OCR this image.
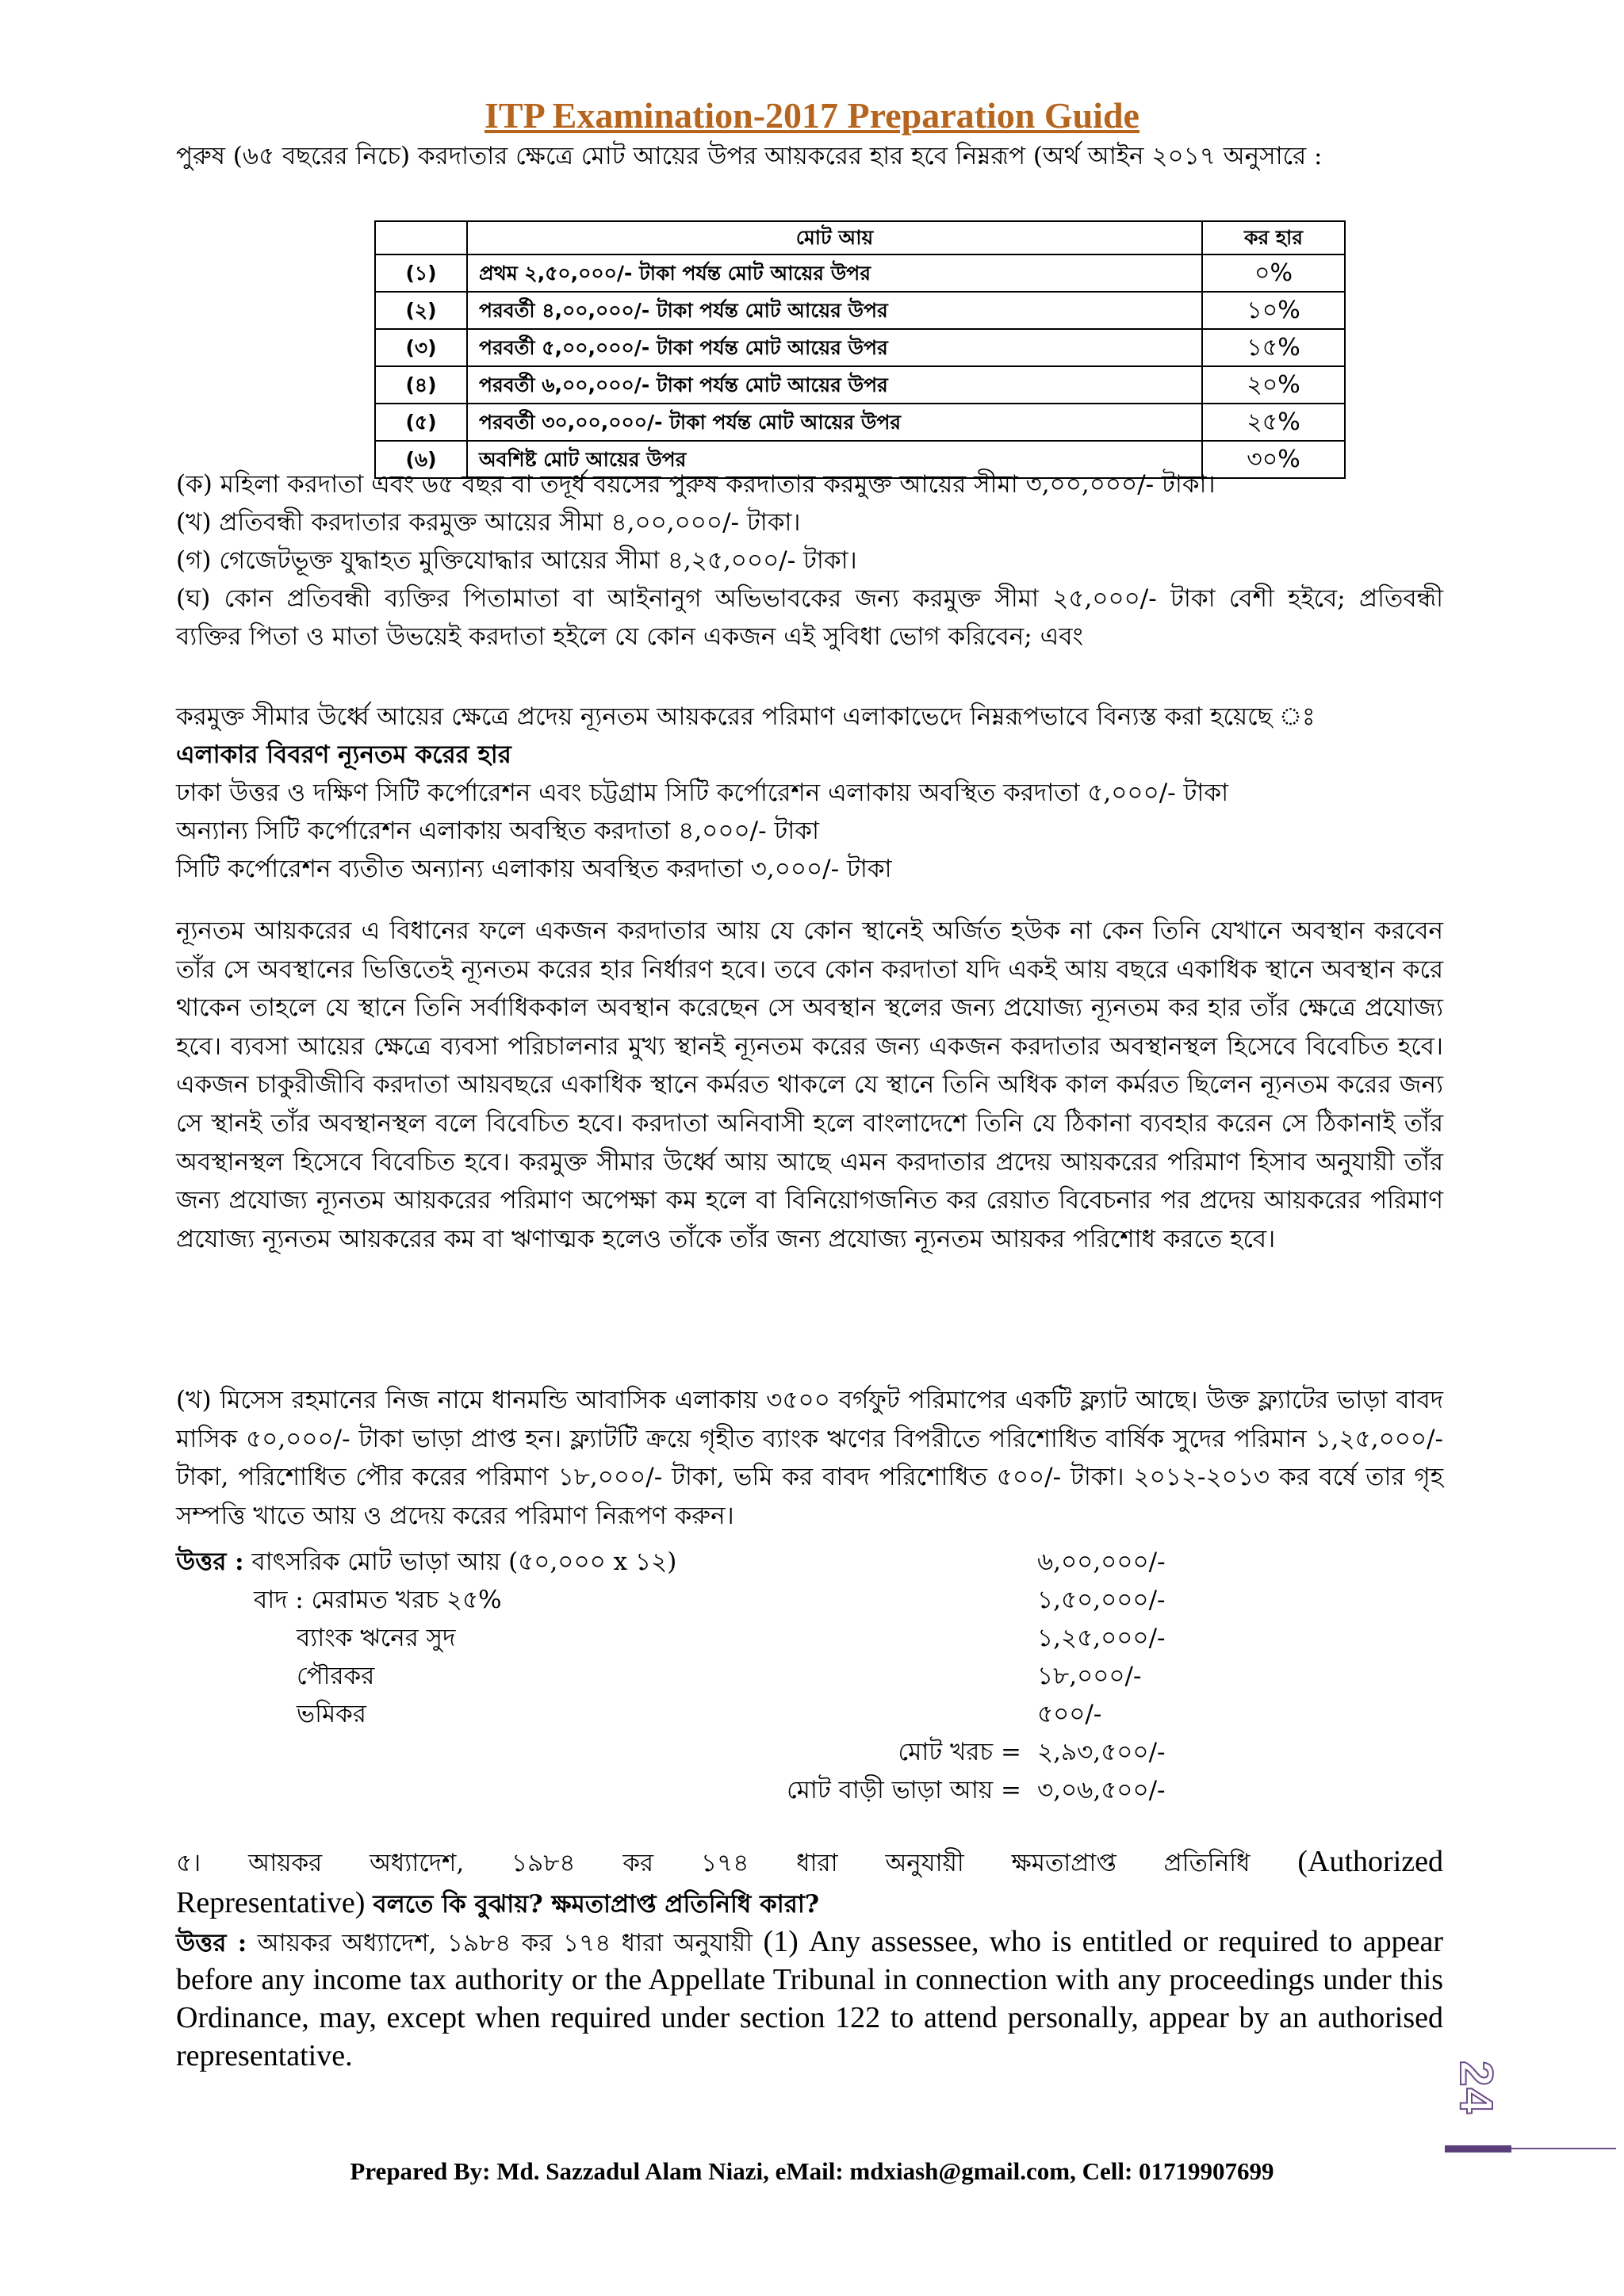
ITP Examination-2017 Preparation Guide

পুরুষ (৬৫ বছরের নিচে) করদাতার ক্ষেত্রে মোট আয়ের উপর আয়করের হার হবে নিম্নরূপ (অর্থ আইন ২০১৭ অনুসারে :

	মোট আয়	কর হার
(১)	প্রথম ২,৫০,০০০/- টাকা পর্যন্ত মোট আয়ের উপর	০%
(২)	পরবর্তী ৪,০০,০০০/- টাকা পর্যন্ত মোট আয়ের উপর	১০%
(৩)	পরবর্তী ৫,০০,০০০/- টাকা পর্যন্ত মোট আয়ের উপর	১৫%
(৪)	পরবর্তী ৬,০০,০০০/- টাকা পর্যন্ত মোট আয়ের উপর	২০%
(৫)	পরবর্তী ৩০,০০,০০০/- টাকা পর্যন্ত মোট আয়ের উপর	২৫%
(৬)	অবশিষ্ট মোট আয়ের উপর	৩০%

(ক) মহিলা করদাতা এবং ৬৫ বছর বা তদূর্ধ বয়সের পুরুষ করদাতার করমুক্ত আয়ের সীমা ৩,০০,০০০/- টাকা।

(খ) প্রতিবন্ধী করদাতার করমুক্ত আয়ের সীমা ৪,০০,০০০/- টাকা।

(গ) গেজেটভূক্ত যুদ্ধাহত মুক্তিযোদ্ধার আয়ের সীমা ৪,২৫,০০০/- টাকা।

(ঘ) কোন প্রতিবন্ধী ব্যক্তির পিতামাতা বা আইনানুগ অভিভাবকের জন্য করমুক্ত সীমা ২৫,০০০/- টাকা বেশী হইবে; প্রতিবন্ধী

ব্যক্তির পিতা ও মাতা উভয়েই করদাতা হইলে যে কোন একজন এই সুবিধা ভোগ করিবেন; এবং

করমুক্ত সীমার উর্ধ্বে আয়ের ক্ষেত্রে প্রদেয় ন্যূনতম আয়করের পরিমাণ এলাকাভেদে নিম্নরূপভাবে বিন্যস্ত করা হয়েছে ঃ

এলাকার বিবরণ ন্যূনতম করের হার

ঢাকা উত্তর ও দক্ষিণ সিটি কর্পোরেশন এবং চট্টগ্রাম সিটি কর্পোরেশন এলাকায় অবস্থিত করদাতা ৫,০০০/- টাকা

অন্যান্য সিটি কর্পোরেশন এলাকায় অবস্থিত করদাতা ৪,০০০/- টাকা

সিটি কর্পোরেশন ব্যতীত অন্যান্য এলাকায় অবস্থিত করদাতা ৩,০০০/- টাকা

ন্যূনতম আয়করের এ বিধানের ফলে একজন করদাতার আয় যে কোন স্থানেই অর্জিত হউক না কেন তিনি যেখানে অবস্থান করবেন তাঁর সে অবস্থানের ভিত্তিতেই ন্যূনতম করের হার নির্ধারণ হবে। তবে কোন করদাতা যদি একই আয় বছরে একাধিক স্থানে অবস্থান করে থাকেন তাহলে যে স্থানে তিনি সর্বাধিককাল অবস্থান করেছেন সে অবস্থান স্থলের জন্য প্রযোজ্য ন্যূনতম কর হার তাঁর ক্ষেত্রে প্রযোজ্য হবে। ব্যবসা আয়ের ক্ষেত্রে ব্যবসা পরিচালনার মুখ্য স্থানই ন্যূনতম করের জন্য একজন করদাতার অবস্থানস্থল হিসেবে বিবেচিত হবে। একজন চাকুরীজীবি করদাতা আয়বছরে একাধিক স্থানে কর্মরত থাকলে যে স্থানে তিনি অধিক কাল কর্মরত ছিলেন ন্যূনতম করের জন্য সে স্থানই তাঁর অবস্থানস্থল বলে বিবেচিত হবে। করদাতা অনিবাসী হলে বাংলাদেশে তিনি যে ঠিকানা ব্যবহার করেন সে ঠিকানাই তাঁর অবস্থানস্থল হিসেবে বিবেচিত হবে। করমুক্ত সীমার উর্ধ্বে আয় আছে এমন করদাতার প্রদেয় আয়করের পরিমাণ হিসাব অনুযায়ী তাঁর জন্য প্রযোজ্য ন্যূনতম আয়করের পরিমাণ অপেক্ষা কম হলে বা বিনিয়োগজনিত কর রেয়াত বিবেচনার পর প্রদেয় আয়করের পরিমাণ প্রযোজ্য ন্যূনতম আয়করের কম বা ঋণাত্মক হলেও তাঁকে তাঁর জন্য প্রযোজ্য ন্যূনতম আয়কর পরিশোধ করতে হবে।

(খ) মিসেস রহমানের নিজ নামে ধানমন্ডি আবাসিক এলাকায় ৩৫০০ বর্গফুট পরিমাপের একটি ফ্ল্যাট আছে। উক্ত ফ্ল্যাটের ভাড়া বাবদ মাসিক ৫০,০০০/- টাকা ভাড়া প্রাপ্ত হন। ফ্ল্যাটটি ক্রয়ে গৃহীত ব্যাংক ঋণের বিপরীতে পরিশোধিত বার্ষিক সুদের পরিমান ১,২৫,০০০/- টাকা, পরিশোধিত পৌর করের পরিমাণ ১৮,০০০/- টাকা, ভমি কর বাবদ পরিশোধিত ৫০০/- টাকা। ২০১২-২০১৩ কর বর্ষে তার গৃহ সম্পত্তি খাতে আয় ও প্রদেয় করের পরিমাণ নিরূপণ করুন।

উত্তর : বাৎসরিক মোট ভাড়া আয় (৫০,০০০ x ১২)	৬,০০,০০০/-
বাদ : মেরামত খরচ ২৫%	১,৫০,০০০/-
ব্যাংক ঋনের সুদ	১,২৫,০০০/-
পৌরকর	১৮,০০০/-
ভমিকর	৫০০/-
মোট খরচ = ২,৯৩,৫০০/-
মোট বাড়ী ভাড়া আয় = ৩,০৬,৫০০/-

৫। আয়কর অধ্যাদেশ, ১৯৮৪ কর ১৭৪ ধারা অনুযায়ী ক্ষমতাপ্রাপ্ত প্রতিনিধি (Authorized

Representative) বলতে কি বুঝায়? ক্ষমতাপ্রাপ্ত প্রতিনিধি কারা?

উত্তর : আয়কর অধ্যাদেশ, ১৯৮৪ কর ১৭৪ ধারা অনুযায়ী (1) Any assessee, who is entitled or required to appear before any income tax authority or the Appellate Tribunal in connection with any proceedings under this Ordinance, may, except when required under section 122 to attend personally, appear by an authorised representative.

24
Prepared By: Md. Sazzadul Alam Niazi, eMail: mdxiash@gmail.com, Cell: 01719907699
